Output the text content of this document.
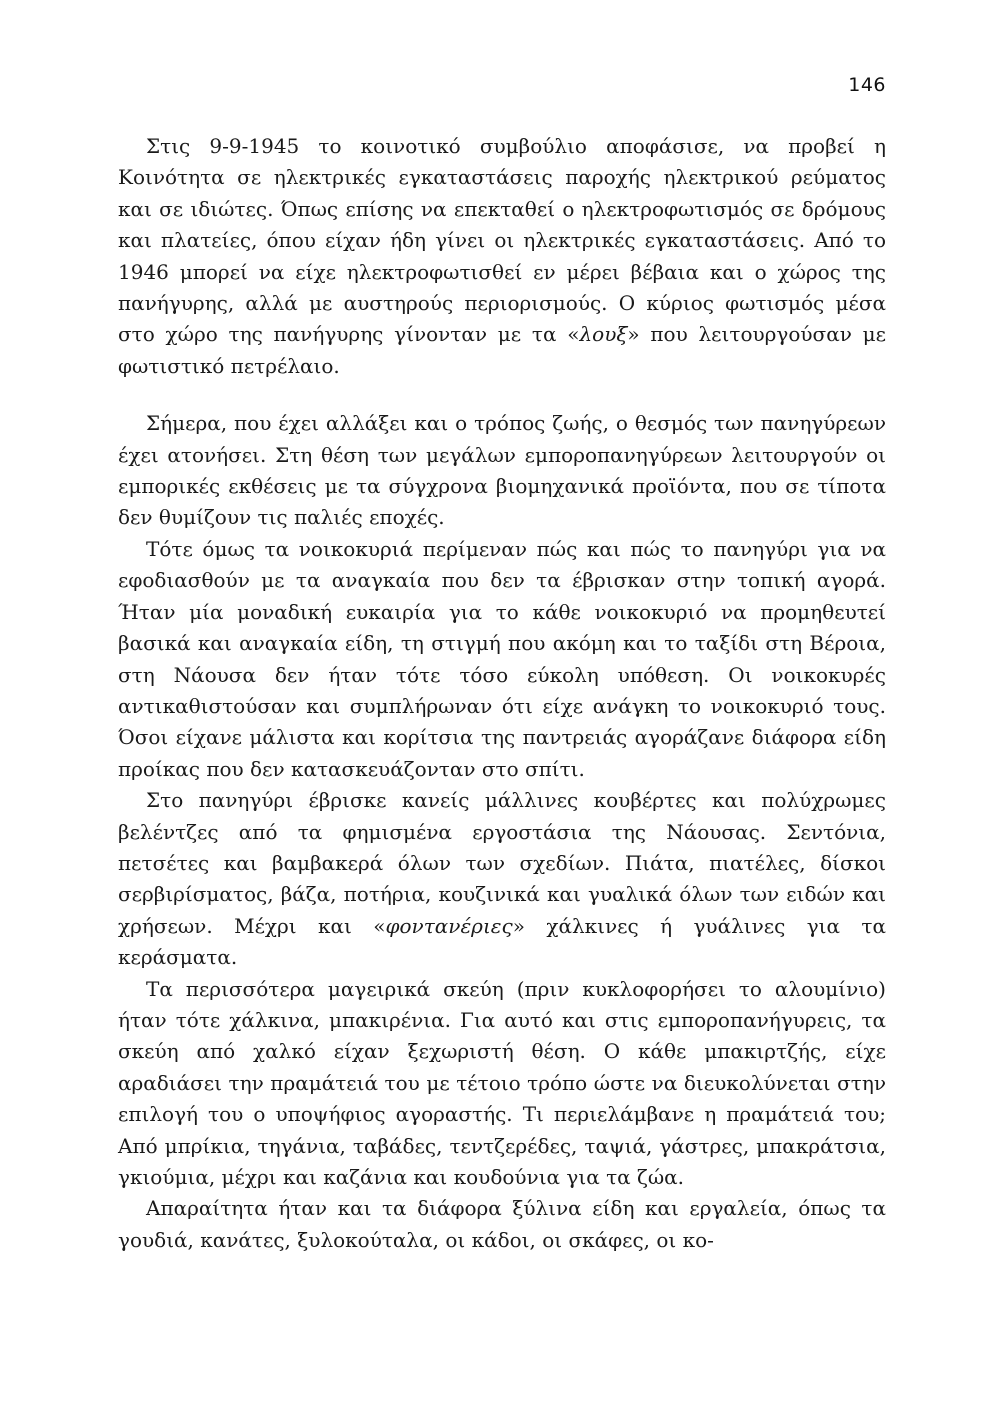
146

Στις 9-9-1945 το κοινοτικό συμβούλιο αποφάσισε, να προβεί η Κοινότητα σε ηλεκτρικές εγκαταστάσεις παροχής ηλεκτρικού ρεύματος και σε ιδιώτες. Όπως επίσης να επεκταθεί ο ηλεκτροφωτισμός σε δρόμους και πλατείες, όπου είχαν ήδη γίνει οι ηλεκτρικές εγκαταστάσεις. Από το 1946 μπορεί να είχε ηλεκτροφωτισθεί εν μέρει βέβαια και ο χώρος της πανήγυρης, αλλά με αυστηρούς περιορισμούς. Ο κύριος φωτισμός μέσα στο χώρο της πανήγυρης γίνονταν με τα «λουξ» που λειτουργούσαν με φωτιστικό πετρέλαιο.

Σήμερα, που έχει αλλάξει και ο τρόπος ζωής, ο θεσμός των πανηγύρεων έχει ατονήσει. Στη θέση των μεγάλων εμποροπανηγύρεων λειτουργούν οι εμπορικές εκθέσεις με τα σύγχρονα βιομηχανικά προϊόντα, που σε τίποτα δεν θυμίζουν τις παλιές εποχές.

Τότε όμως τα νοικοκυριά περίμεναν πώς και πώς το πανηγύρι για να εφοδιασθούν με τα αναγκαία που δεν τα έβρισκαν στην τοπική αγορά. Ήταν μία μοναδική ευκαιρία για το κάθε νοικοκυριό να προμηθευτεί βασικά και αναγκαία είδη, τη στιγμή που ακόμη και το ταξίδι στη Βέροια, στη Νάουσα δεν ήταν τότε τόσο εύκολη υπόθεση. Οι νοικοκυρές αντικαθιστούσαν και συμπλήρωναν ότι είχε ανάγκη το νοικοκυριό τους. Όσοι είχανε μάλιστα και κορίτσια της παντρειάς αγοράζανε διάφορα είδη προίκας που δεν κατασκευάζονταν στο σπίτι.

Στο πανηγύρι έβρισκε κανείς μάλλινες κουβέρτες και πολύχρωμες βελέντζες από τα φημισμένα εργοστάσια της Νάουσας. Σεντόνια, πετσέτες και βαμβακερά όλων των σχεδίων. Πιάτα, πιατέλες, δίσκοι σερβιρίσματος, βάζα, ποτήρια, κουζινικά και γυαλικά όλων των ειδών και χρήσεων. Μέχρι και «φοντανέριες» χάλκινες ή γυάλινες για τα κεράσματα.

Τα περισσότερα μαγειρικά σκεύη (πριν κυκλοφορήσει το αλουμίνιο) ήταν τότε χάλκινα, μπακιρένια. Για αυτό και στις εμποροπανήγυρεις, τα σκεύη από χαλκό είχαν ξεχωριστή θέση. Ο κάθε μπακιρτζής, είχε αραδιάσει την πραμάτειά του με τέτοιο τρόπο ώστε να διευκολύνεται στην επιλογή του ο υποψήφιος αγοραστής. Τι περιελάμβανε η πραμάτειά του; Από μπρίκια, τηγάνια, ταβάδες, τεντζερέδες, ταψιά, γάστρες, μπακράτσια, γκιούμια, μέχρι και καζάνια και κουδούνια για τα ζώα.

Απαραίτητα ήταν και τα διάφορα ξύλινα είδη και εργαλεία, όπως τα γουδιά, κανάτες, ξυλοκούταλα, οι κάδοι, οι σκάφες, οι κο-
